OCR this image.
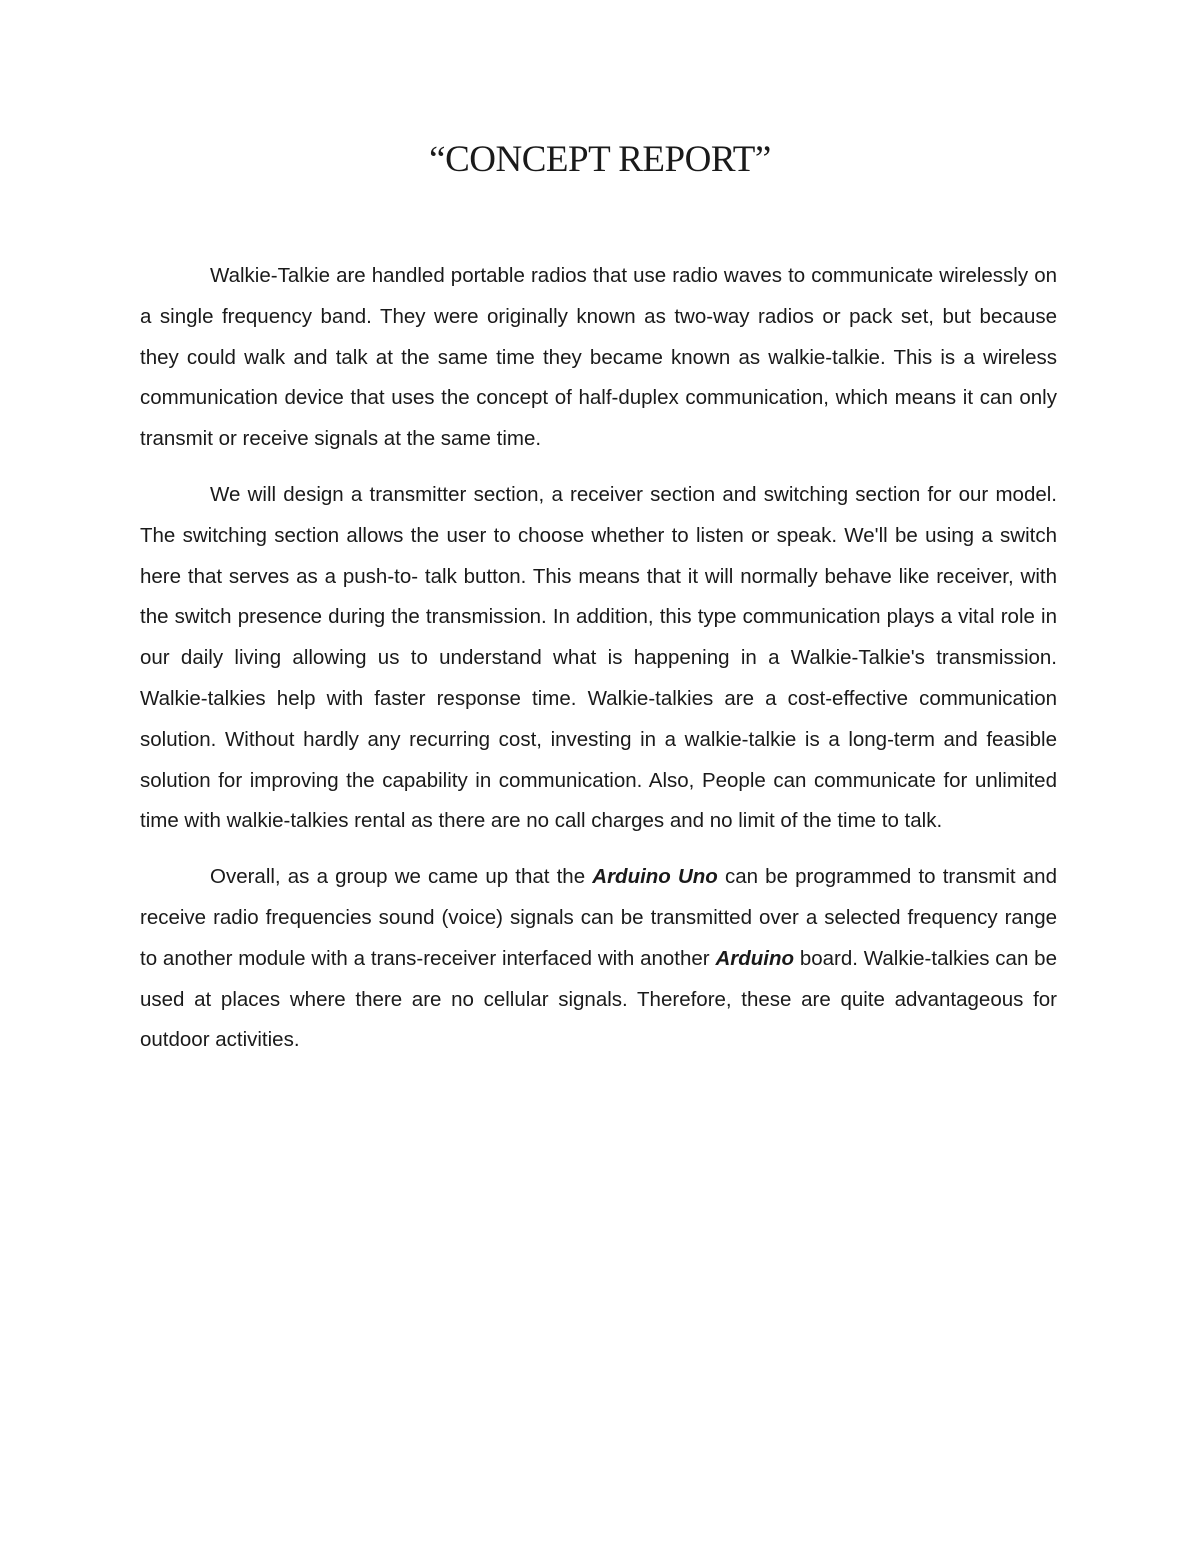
“CONCEPT REPORT”

Walkie-Talkie are handled portable radios that use radio waves to communicate wirelessly on a single frequency band. They were originally known as two-way radios or pack set, but because they could walk and talk at the same time they became known as walkie-talkie. This is a wireless communication device that uses the concept of half-duplex communication, which means it can only transmit or receive signals at the same time.

We will design a transmitter section, a receiver section and switching section for our model. The switching section allows the user to choose whether to listen or speak. We'll be using a switch here that serves as a push-to- talk button. This means that it will normally behave like receiver, with the switch presence during the transmission. In addition, this type communication plays a vital role in our daily living allowing us to understand what is happening in a Walkie-Talkie's transmission. Walkie-talkies help with faster response time. Walkie-talkies are a cost-effective communication solution. Without hardly any recurring cost, investing in a walkie-talkie is a long-term and feasible solution for improving the capability in communication. Also, People can communicate for unlimited time with walkie-talkies rental as there are no call charges and no limit of the time to talk.

Overall, as a group we came up that the Arduino Uno can be programmed to transmit and receive radio frequencies sound (voice) signals can be transmitted over a selected frequency range to another module with a trans-receiver interfaced with another Arduino board. Walkie-talkies can be used at places where there are no cellular signals. Therefore, these are quite advantageous for outdoor activities.
